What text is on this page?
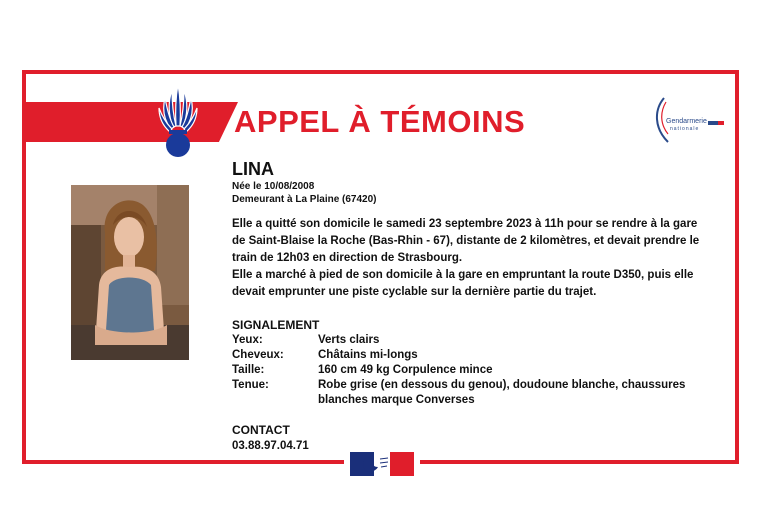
APPEL À TÉMOINS	Gendarmerie
nationale
LINA
Née le 10/08/2008
Demeurant à La Plaine (67420)
Elle a quitté son domicile le samedi 23 septembre 2023 à 11h pour se rendre à la gare de Saint-Blaise la Roche (Bas-Rhin - 67), distante de 2 kilomètres, et devait prendre le train de 12h03 en direction de Strasbourg.
Elle a marché à pied de son domicile à la gare en empruntant la route D350, puis elle devait emprunter une piste cyclable sur la dernière partie du trajet.
SIGNALEMENT
Yeux:	Verts clairs
Cheveux:	Châtains mi-longs
Taille:	160 cm 49 kg Corpulence mince
Tenue:	Robe grise (en dessous du genou), doudoune blanche, chaussures blanches marque Converses
CONTACT
03.88.97.04.71
